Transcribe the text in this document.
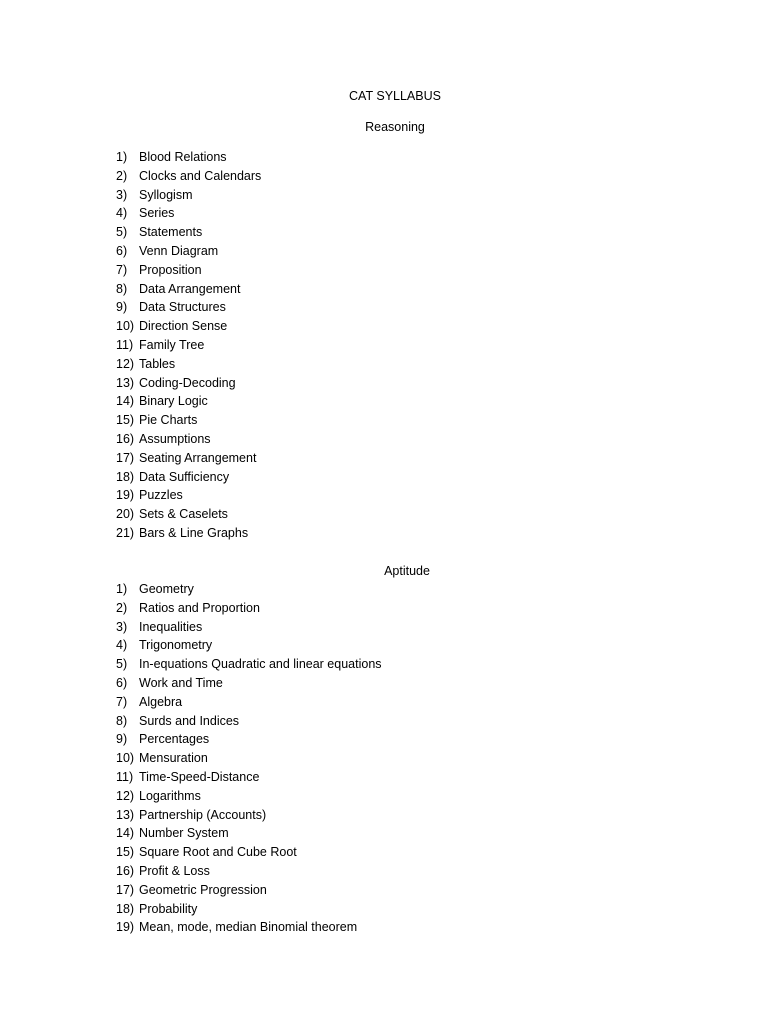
CAT SYLLABUS
Reasoning
1) Blood Relations
2) Clocks and Calendars
3) Syllogism
4) Series
5) Statements
6) Venn Diagram
7) Proposition
8) Data Arrangement
9) Data Structures
10) Direction Sense
11) Family Tree
12) Tables
13) Coding-Decoding
14) Binary Logic
15) Pie Charts
16) Assumptions
17) Seating Arrangement
18) Data Sufficiency
19) Puzzles
20) Sets & Caselets
21) Bars & Line Graphs
Aptitude
1) Geometry
2) Ratios and Proportion
3) Inequalities
4) Trigonometry
5) In-equations Quadratic and linear equations
6) Work and Time
7) Algebra
8) Surds and Indices
9) Percentages
10) Mensuration
11) Time-Speed-Distance
12) Logarithms
13) Partnership (Accounts)
14) Number System
15) Square Root and Cube Root
16) Profit & Loss
17) Geometric Progression
18) Probability
19) Mean, mode, median Binomial theorem
